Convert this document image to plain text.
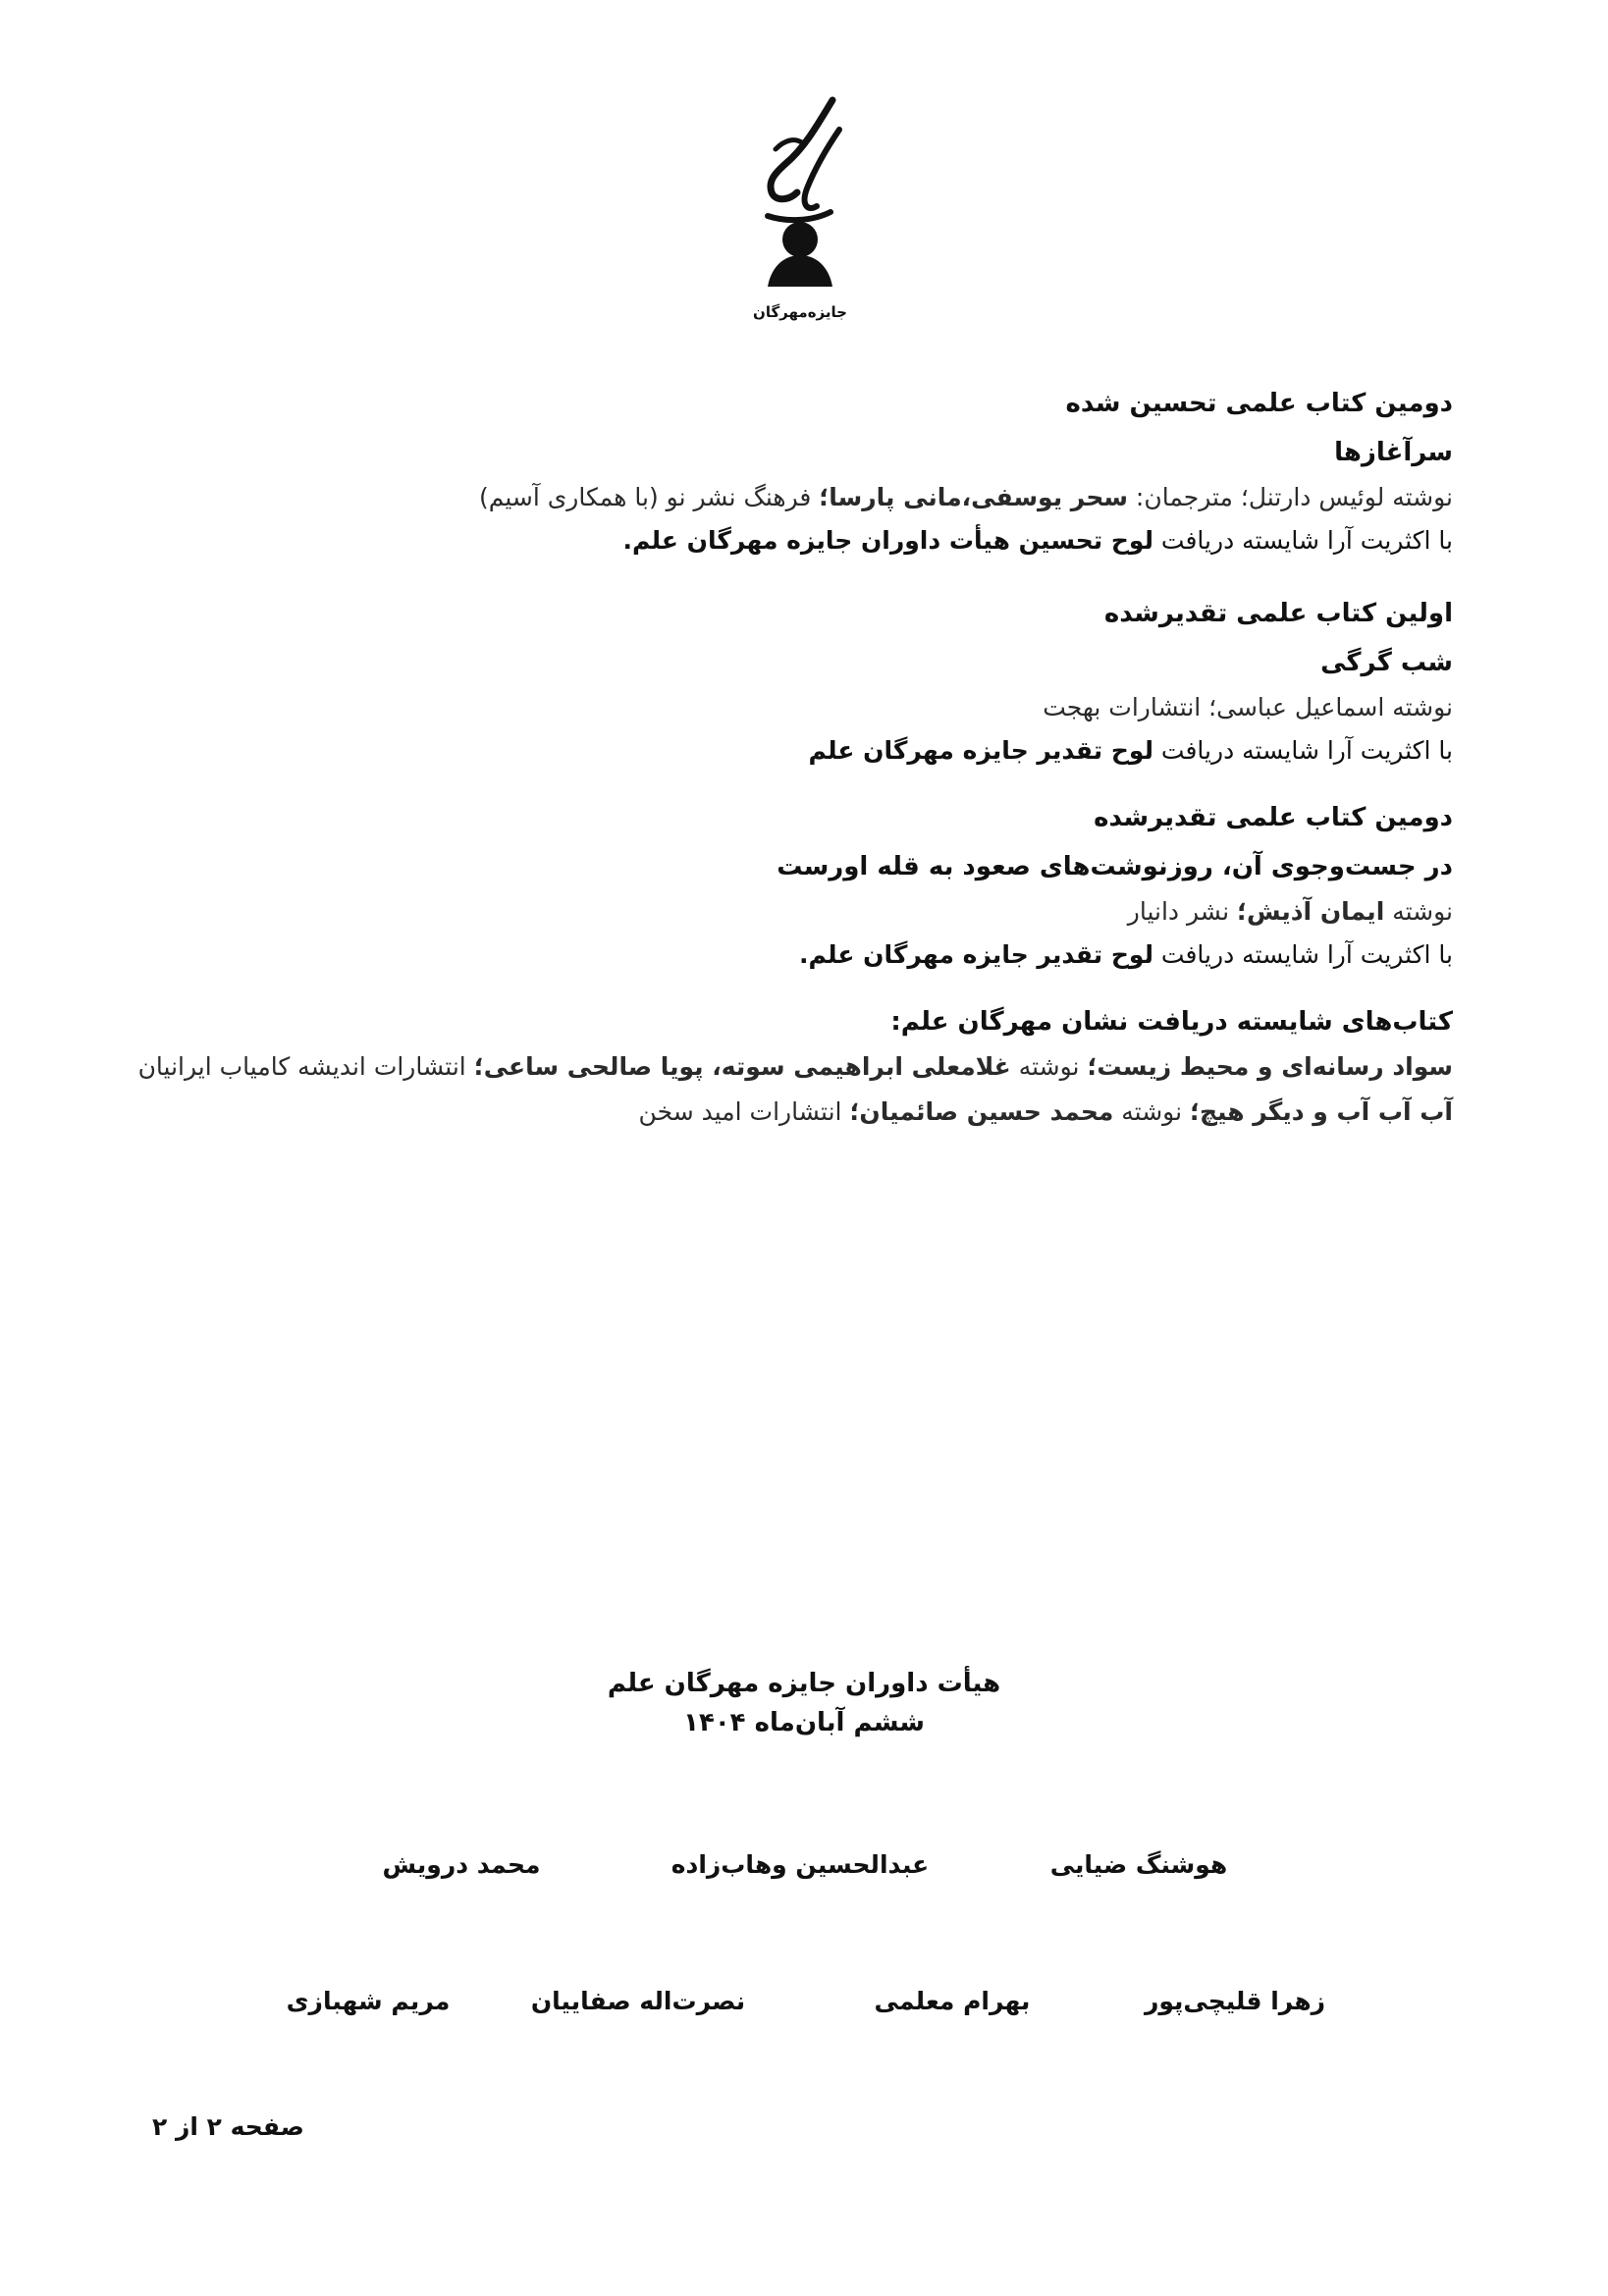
جایزه‌مهرگان

دومین کتاب علمی تحسین شده

سرآغازها

نوشته لوئیس دارتنل؛ مترجمان: سحر یوسفی،مانی پارسا؛ فرهنگ نشر نو (با همکاری آسیم)

با اکثریت آرا شایسته دریافت لوح تحسین هیأت داوران جایزه مهرگان علم.

اولین کتاب علمی تقدیرشده

شب گرگی

نوشته اسماعیل عباسی؛ انتشارات بهجت

با اکثریت آرا شایسته دریافت لوح تقدیر جایزه مهرگان علم

دومین کتاب علمی تقدیرشده

در جست‌وجوی آن، روزنوشت‌های صعود به قله اورست

نوشته ایمان آذیش؛ نشر دانیار

با اکثریت آرا شایسته دریافت لوح تقدیر جایزه مهرگان علم.

کتاب‌های شایسته دریافت نشان مهرگان علم:

سواد رسانه‌ای و محیط زیست؛ نوشته غلامعلی ابراهیمی سوته، پویا صالحی ساعی؛ انتشارات اندیشه کامیاب ایرانیان

آب آب آب و دیگر هیچ؛ نوشته محمد حسین صائمیان؛ انتشارات امید سخن

هیأت داوران جایزه مهرگان علم

ششم آبان‌ماه ۱۴۰۴

هوشنگ ضیایی
عبدالحسین وهاب‌زاده
محمد درویش
زهرا قلیچی‌پور
بهرام معلمی
نصرت‌اله صفاییان
مریم شهبازی
صفحه ۲ از ۲
